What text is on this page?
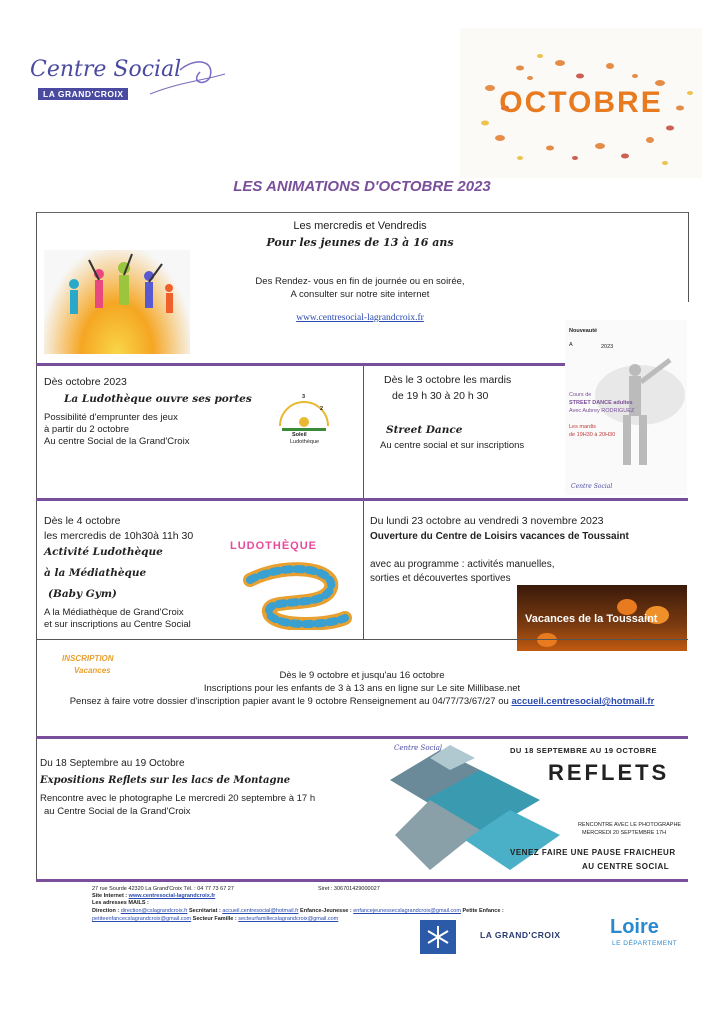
Centre Social
LA GRAND'CROIX	OCTOBRE
LES ANIMATIONS D'OCTOBRE 2023
Les mercredis et Vendredis
Pour les jeunes de 13 à 16 ans
Des Rendez- vous en fin de journée ou en soirée,
A consulter sur notre site internet
www.centresocial-lagrandcroix.fr
Dès octobre 2023
La Ludothèque ouvre ses portes
Possibilité d'emprunter des jeux
à partir du 2 octobre
Au centre Social de la Grand'Croix
3
2
Soleil
Ludothèque
Dès le 3 octobre les mardis
de 19 h 30 à 20 h 30
Street Dance
Au centre social et sur inscriptions
Nouveauté
A	2023
Cours de
STREET DANCE adultes
Avec Aubrey RODRIGUEZ
Les mardis
de 19H30 à 20H30
Centre Social
Dès le 4 octobre
les mercredis de 10h30à 11h 30
Activité Ludothèque
à la Médiathèque
(Baby Gym)
A la Médiathèque de Grand'Croix
et sur inscriptions au Centre Social
LUDOTHÈQUE
Du lundi 23 octobre au vendredi 3 novembre 2023
Ouverture du Centre de Loisirs vacances de Toussaint
avec au programme : activités manuelles,
sorties et découvertes sportives
Vacances de la Toussaint
INSCRIPTION
Vacances	Dès le 9 octobre et jusqu'au 16 octobre
Inscriptions pour les enfants de 3 à 13 ans en ligne sur Le site Millibase.net
Pensez à faire votre dossier d'inscription papier avant le 9 octobre Renseignement au 04/77/73/67/27 ou accueil.centresocial@hotmail.fr
Du 18 Septembre au 19 Octobre
Expositions Reflets sur les lacs de Montagne
Rencontre avec le photographe Le mercredi 20 septembre à 17 h
au Centre Social de la Grand'Croix
Centre Social	DU 18 SEPTEMBRE AU 19 OCTOBRE
REFLETS
RENCONTRE AVEC LE PHOTOGRAPHE
MERCREDI 20 SEPTEMBRE 17H
VENEZ FAIRE UNE PAUSE FRAICHEUR
AU CENTRE SOCIAL
27 rue Sourde 42320 La Grand'Croix Tél. : 04 77 73 67 27	Siret : 306701429000027
Site Internet : www.centresocial-lagrandcroix.fr
Les adresses MAILS :
Direction : direction@cslagrandcroix.fr Secrétariat : accueil.centresocial@hotmail.fr Enfance-Jeunesse : enfancejeunessecslagrandcroix@gmail.com Petite Enfance :
petiteenfancecslagrandcroix@gmail.com Secteur Famille : secteurfamillecslagrandcroix@gmail.com
LA GRAND'CROIX Loire
LE DÉPARTEMENT
